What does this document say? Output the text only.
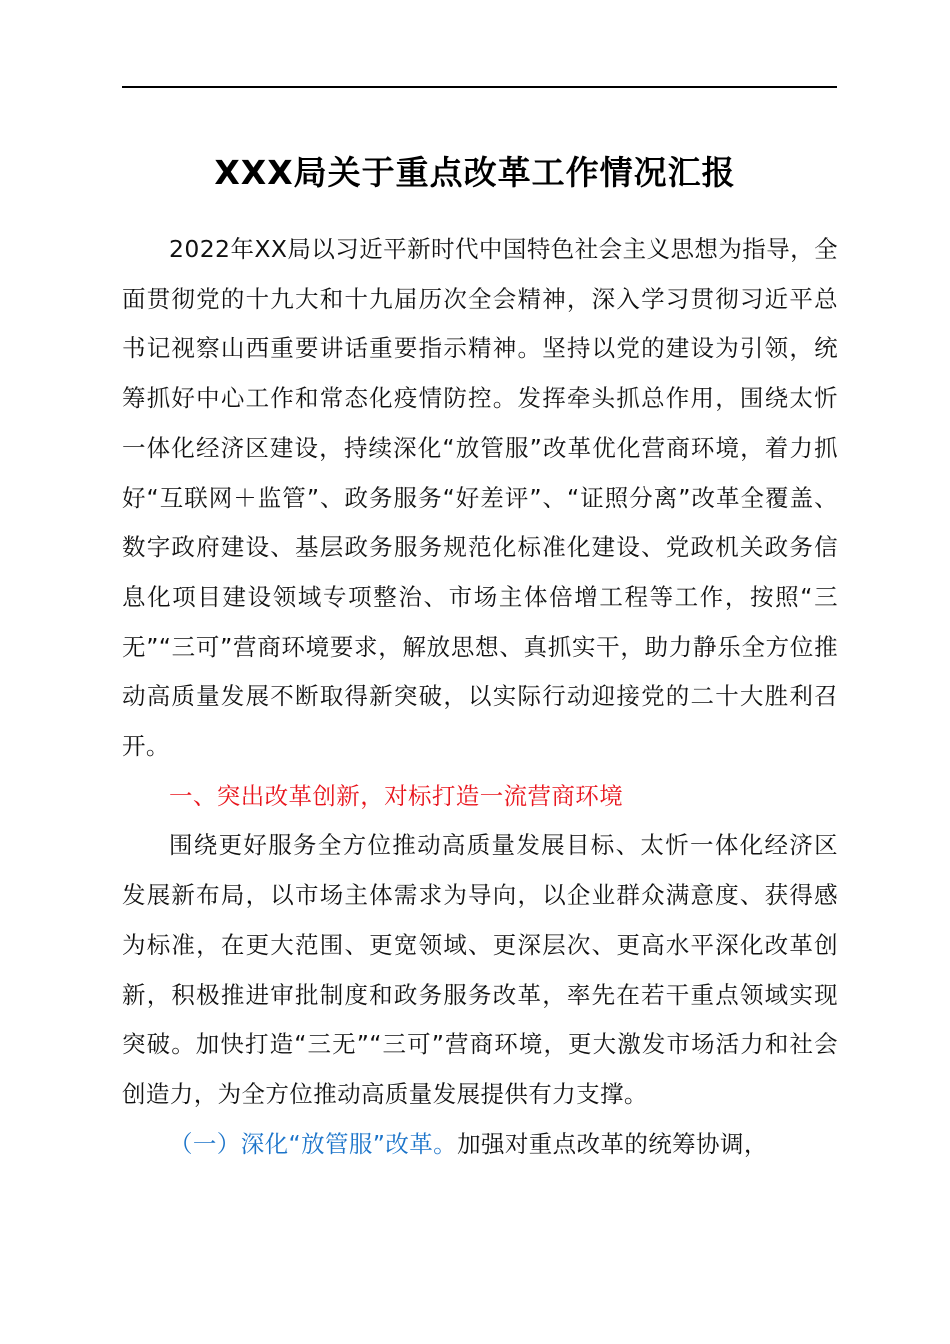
XXX局关于重点改革工作情况汇报

2022年XX局以习近平新时代中国特色社会主义思想为指导，全面贯彻党的十九大和十九届历次全会精神，深入学习贯彻习近平总书记视察山西重要讲话重要指示精神。坚持以党的建设为引领，统筹抓好中心工作和常态化疫情防控。发挥牵头抓总作用，围绕太忻一体化经济区建设，持续深化“放管服”改革优化营商环境，着力抓好“互联网＋监管”、政务服务“好差评”、“证照分离”改革全覆盖、数字政府建设、基层政务服务规范化标准化建设、党政机关政务信息化项目建设领域专项整治、市场主体倍增工程等工作，按照“三无”“三可”营商环境要求，解放思想、真抓实干，助力静乐全方位推动高质量发展不断取得新突破，以实际行动迎接党的二十大胜利召开。

一、突出改革创新，对标打造一流营商环境

围绕更好服务全方位推动高质量发展目标、太忻一体化经济区发展新布局，以市场主体需求为导向，以企业群众满意度、获得感为标准，在更大范围、更宽领域、更深层次、更高水平深化改革创新，积极推进审批制度和政务服务改革，率先在若干重点领域实现突破。加快打造“三无”“三可”营商环境，更大激发市场活力和社会创造力，为全方位推动高质量发展提供有力支撑。

（一）深化“放管服”改革。加强对重点改革的统筹协调，
